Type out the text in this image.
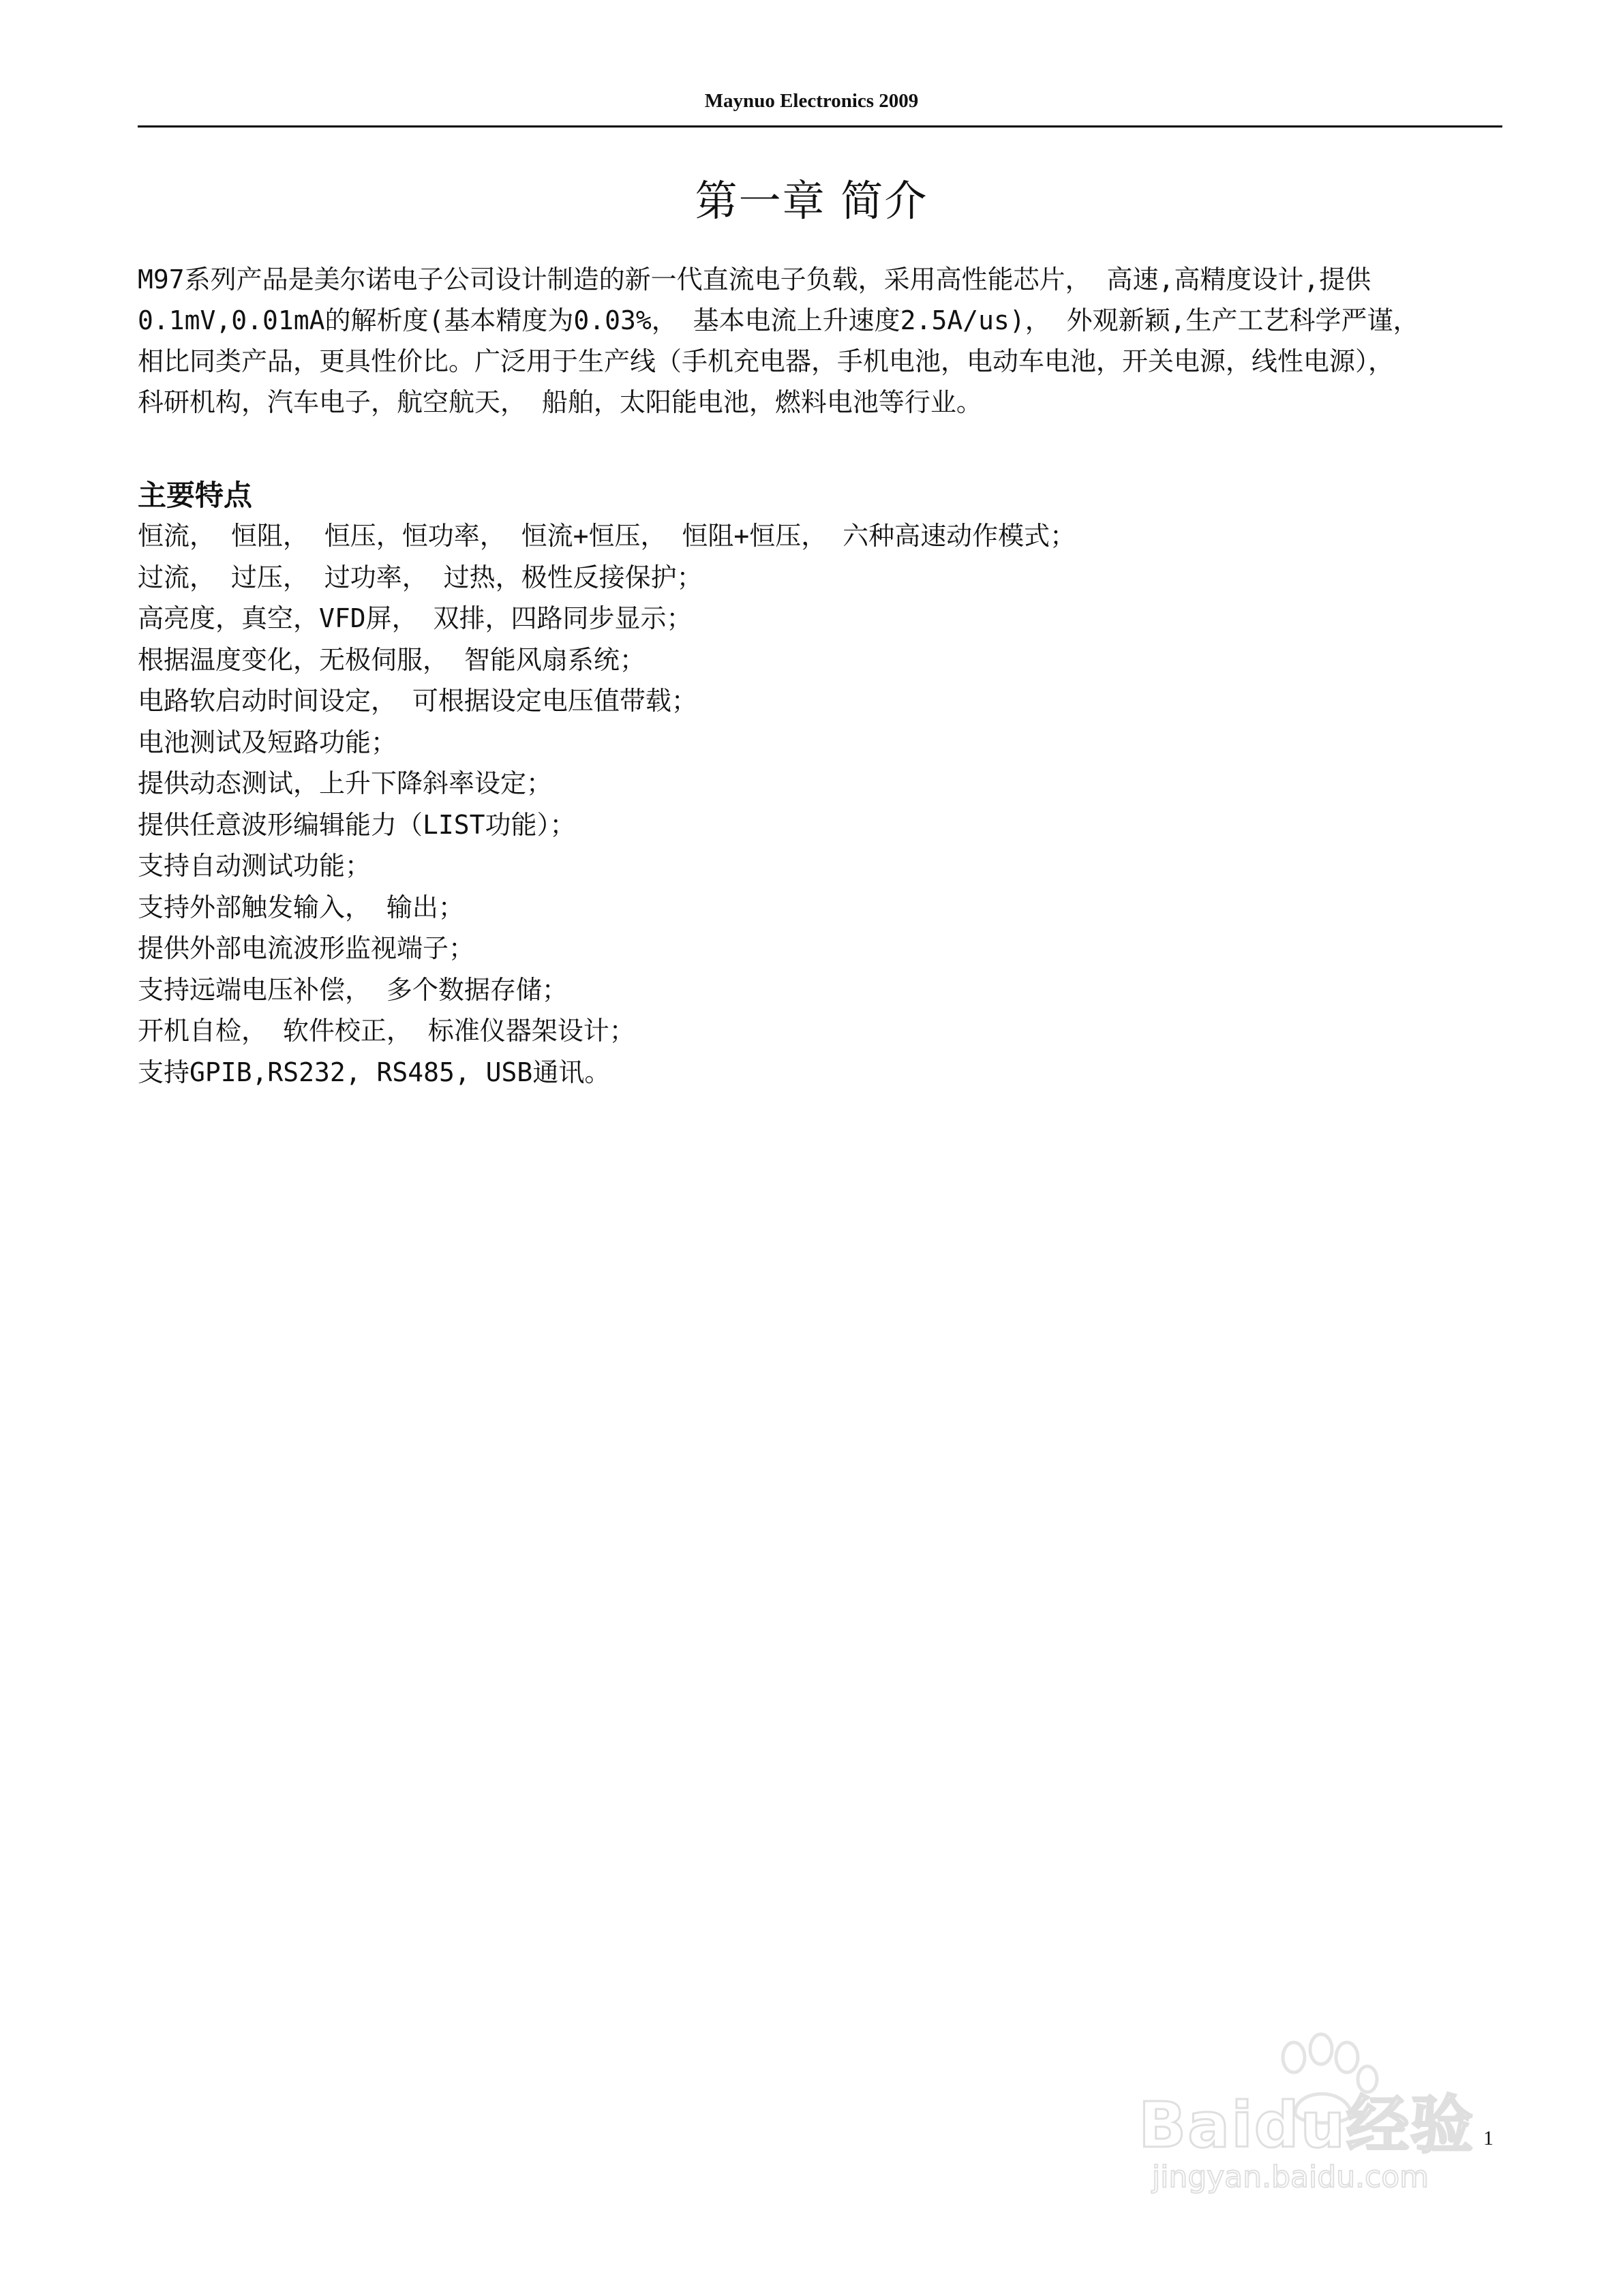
Maynuo Electronics 2009
第一章 简介
M97系列产品是美尔诺电子公司设计制造的新一代直流电子负载，采用高性能芯片， 高速,高精度设计,提供
0.1mV,0.01mA的解析度(基本精度为0.03%， 基本电流上升速度2.5A/us)， 外观新颖,生产工艺科学严谨，
相比同类产品，更具性价比。广泛用于生产线（手机充电器，手机电池，电动车电池，开关电源，线性电源），
科研机构，汽车电子，航空航天， 船舶，太阳能电池，燃料电池等行业。
主要特点
恒流， 恒阻， 恒压，恒功率， 恒流+恒压， 恒阻+恒压， 六种高速动作模式；
过流， 过压， 过功率， 过热，极性反接保护；
高亮度，真空，VFD屏， 双排，四路同步显示；
根据温度变化，无极伺服， 智能风扇系统；
电路软启动时间设定， 可根据设定电压值带载；
电池测试及短路功能；
提供动态测试，上升下降斜率设定；
提供任意波形编辑能力（LIST功能）；
支持自动测试功能；
支持外部触发输入， 输出；
提供外部电流波形监视端子；
支持远端电压补偿， 多个数据存储；
开机自检， 软件校正， 标准仪器架设计；
支持GPIB,RS232, RS485, USB通讯。
Baidu经验
jingyan.baidu.com
1
